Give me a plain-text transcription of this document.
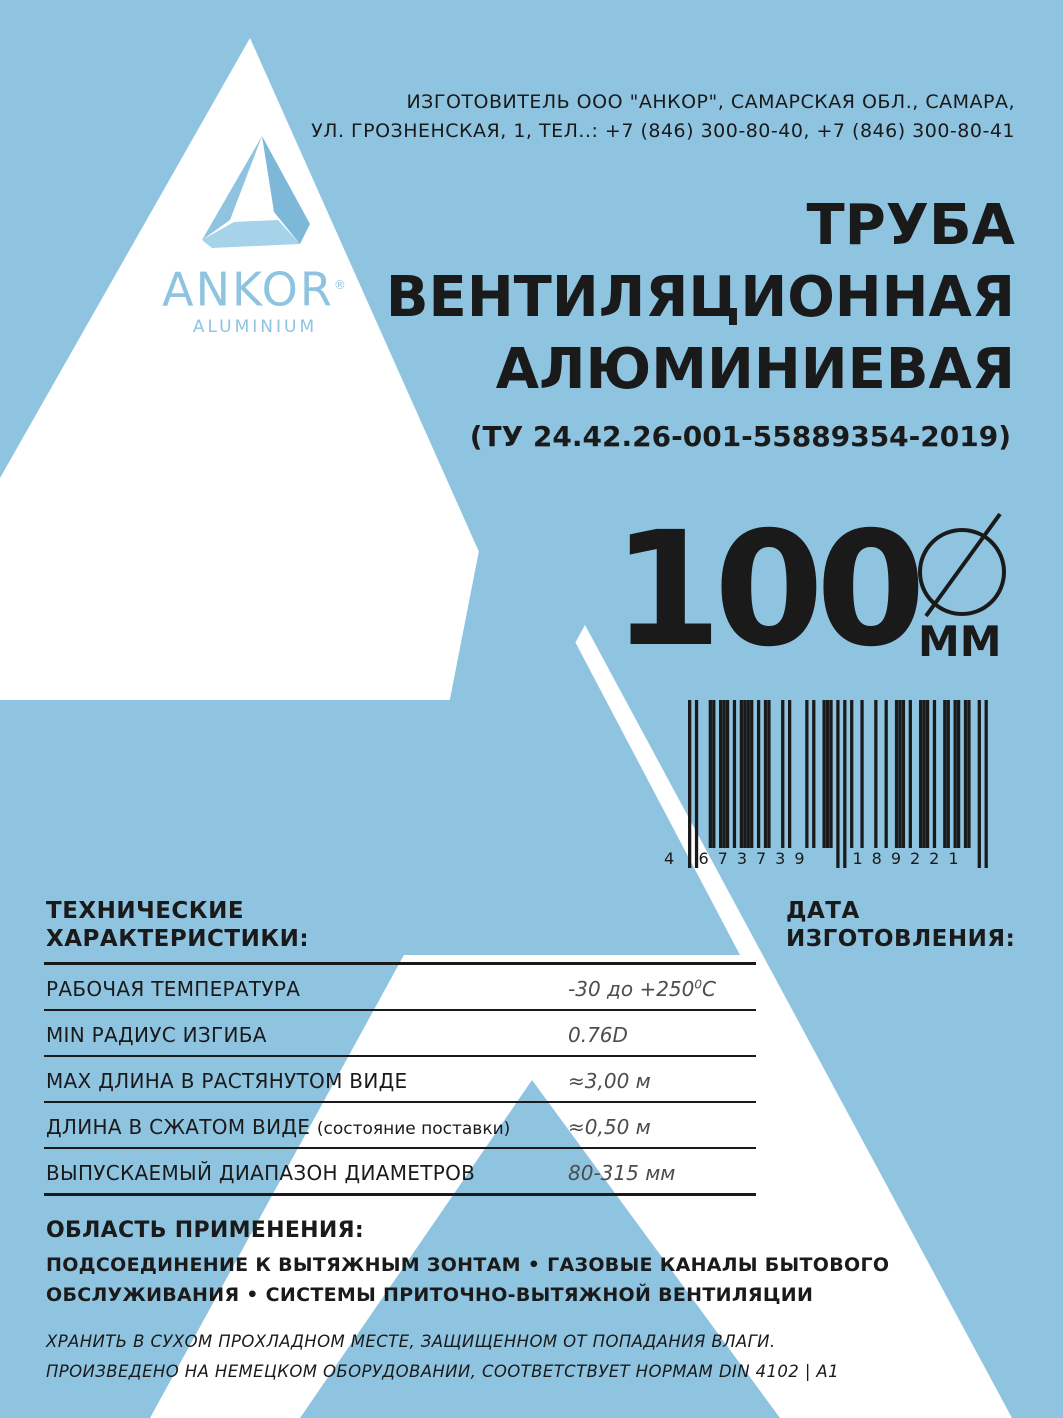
ИЗГОТОВИТЕЛЬ ООО "АНКОР", САМАРСКАЯ ОБЛ., САМАРА,
УЛ. ГРОЗНЕНСКАЯ, 1, ТЕЛ..: +7 (846) 300-80-40, +7 (846) 300-80-41
ANKOR®
ALUMINIUM
ТРУБА
ВЕНТИЛЯЦИОННАЯ
АЛЮМИНИЕВАЯ
(ТУ 24.42.26-001-55889354-2019)
100 ММ
4 673739 189221
ТЕХНИЧЕСКИЕ
ХАРАКТЕРИСТИКИ:
ДАТА
ИЗГОТОВЛЕНИЯ:
РАБОЧАЯ ТЕМПЕРАТУРА	-30 до $+250^0C$
MIN РАДИУС ИЗГИБА	0.76D
MAX ДЛИНА В РАСТЯНУТОМ ВИДЕ	≈3,00 м
ДЛИНА В СЖАТОМ ВИДЕ (состояние поставки)	≈0,50 м
ВЫПУСКАЕМЫЙ ДИАПАЗОН ДИАМЕТРОВ	80-315 мм
ОБЛАСТЬ ПРИМЕНЕНИЯ:
ПОДСОЕДИНЕНИЕ К ВЫТЯЖНЫМ ЗОНТАМ • ГАЗОВЫЕ КАНАЛЫ БЫТОВОГО
ОБСЛУЖИВАНИЯ • СИСТЕМЫ ПРИТОЧНО-ВЫТЯЖНОЙ ВЕНТИЛЯЦИИ
ХРАНИТЬ В СУХОМ ПРОХЛАДНОМ МЕСТЕ, ЗАЩИЩЕННОМ ОТ ПОПАДАНИЯ ВЛАГИ.
ПРОИЗВЕДЕНО НА НЕМЕЦКОМ ОБОРУДОВАНИИ, СООТВЕТСТВУЕТ НОРМАМ DIN 4102 | А1
